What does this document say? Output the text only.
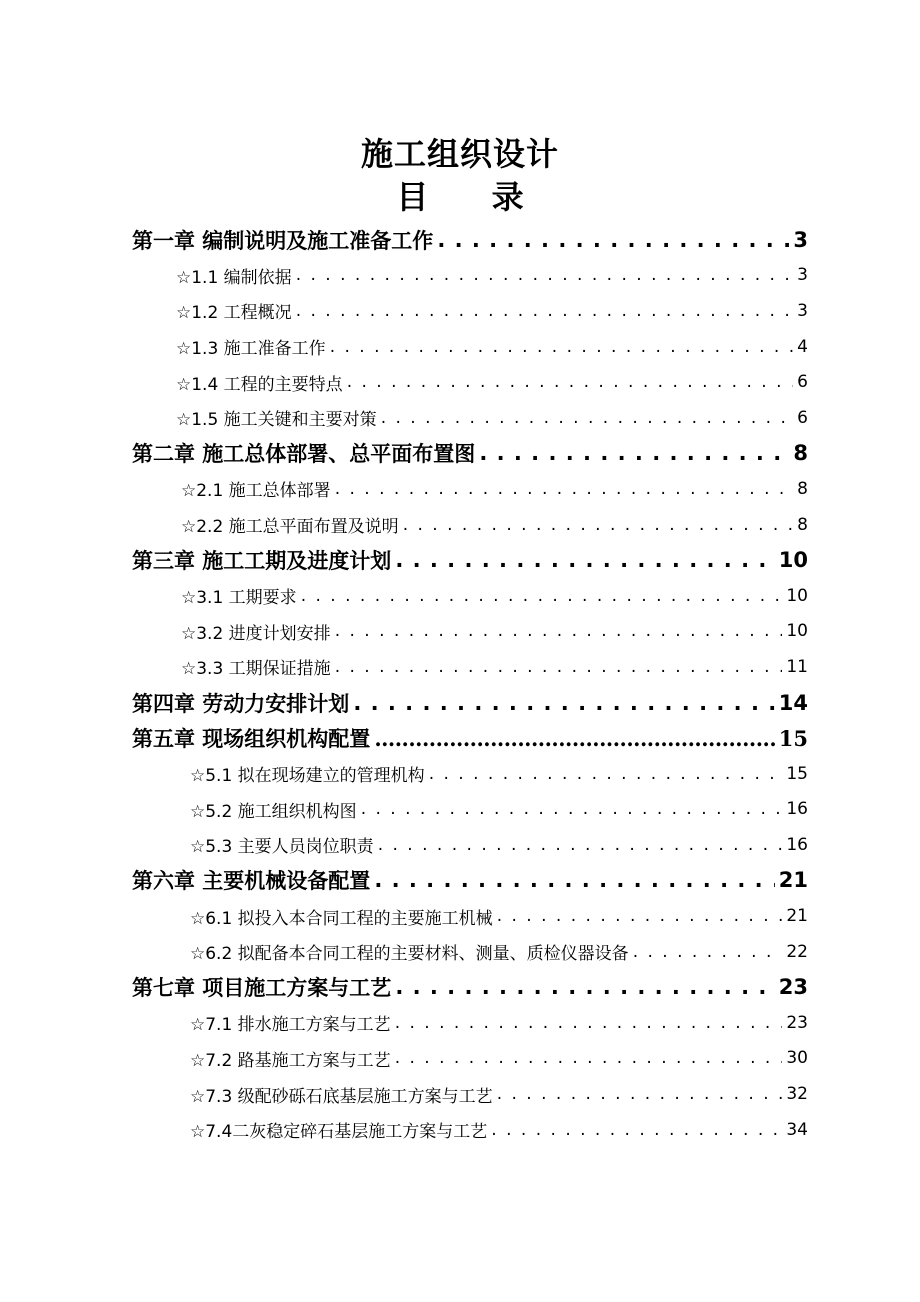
施工组织设计
目 录
第一章 编制说明及施工准备工作 . . .	3
☆1.1 编制依据 . . .	3
☆1.2 工程概况 . . .	3
☆1.3 施工准备工作 . . .	4
☆1.4 工程的主要特点 . . .	6
☆1.5 施工关键和主要对策 . . .	6
第二章 施工总体部署、总平面布置图 . . .	8
☆2.1 施工总体部署 . . .	8
☆2.2 施工总平面布置及说明 . . .	8
第三章 施工工期及进度计划 . . .	10
☆3.1 工期要求 . . .	10
☆3.2 进度计划安排 . . .	10
☆3.3 工期保证措施 . . .	11
第四章 劳动力安排计划 . . .	14
第五章 现场组织机构配置 .....	15
☆5.1 拟在现场建立的管理机构 . . .	15
☆5.2 施工组织机构图 . . .	16
☆5.3 主要人员岗位职责 . . .	16
第六章 主要机械设备配置 . . .	21
☆6.1 拟投入本合同工程的主要施工机械 . . .	21
☆6.2 拟配备本合同工程的主要材料、测量、质检仪器设备 . . .	22
第七章 项目施工方案与工艺 . . .	23
☆7.1 排水施工方案与工艺 . . .	23
☆7.2 路基施工方案与工艺 . . .	30
☆7.3 级配砂砾石底基层施工方案与工艺 . . .	32
☆7.4二灰稳定碎石基层施工方案与工艺 . . .	34
